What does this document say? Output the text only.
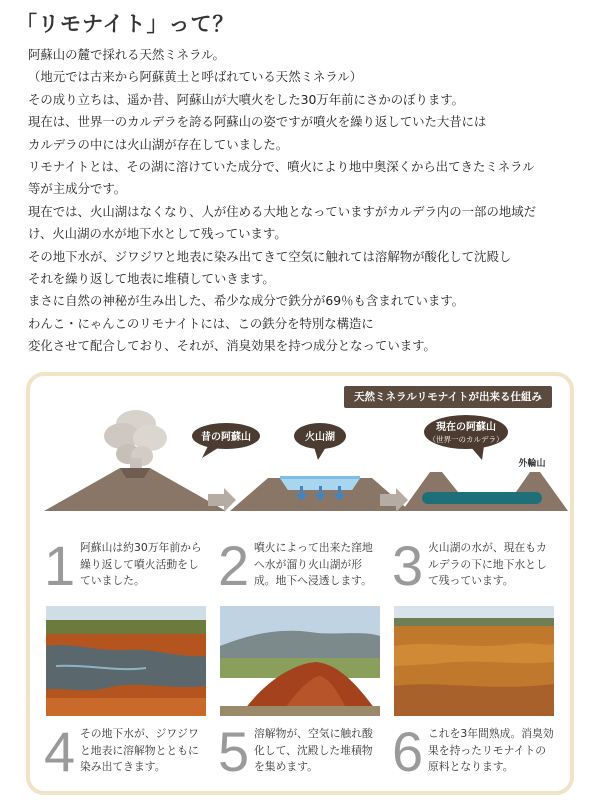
「リモナイト」って？
阿蘇山の麓で採れる天然ミネラル。
（地元では古来から阿蘇黄土と呼ばれている天然ミネラル）
その成り立ちは、遥か昔、阿蘇山が大噴火をした30万年前にさかのぼります。
現在は、世界一のカルデラを誇る阿蘇山の姿ですが噴火を繰り返していた大昔には
カルデラの中には火山湖が存在していました。
リモナイトとは、その湖に溶けていた成分で、噴火により地中奥深くから出てきたミネラル
等が主成分です。
現在では、火山湖はなくなり、人が住める大地となっていますがカルデラ内の一部の地域だ
け、火山湖の水が地下水として残っています。
その地下水が、ジワジワと地表に染み出てきて空気に触れては溶解物が酸化して沈殿し
それを繰り返して地表に堆積していきます。
まさに自然の神秘が生み出した、希少な成分で鉄分が69％も含まれています。
わんこ・にゃんこのリモナイトには、この鉄分を特別な構造に
変化させて配合しており、それが、消臭効果を持つ成分となっています。
天然ミネラルリモナイトが出来る仕組み
昔の阿蘇山	火山湖
現在の阿蘇山
（世界一のカルデラ）
外輪山
1 阿蘇山は約30万年前から繰り返して噴火活動をしていました。	2 噴火によって出来た窪地へ水が溜り火山湖が形成。地下へ浸透します。 3 火山湖の水が、現在もカルデラの下に地下水として残っています。
4 その地下水が、ジワジワと地表に溶解物とともに染み出てきます。 5 溶解物が、空気に触れ酸化して、沈殿した堆積物を集めます。	6 これを3年間熟成。消臭効果を持ったリモナイトの原料となります。
